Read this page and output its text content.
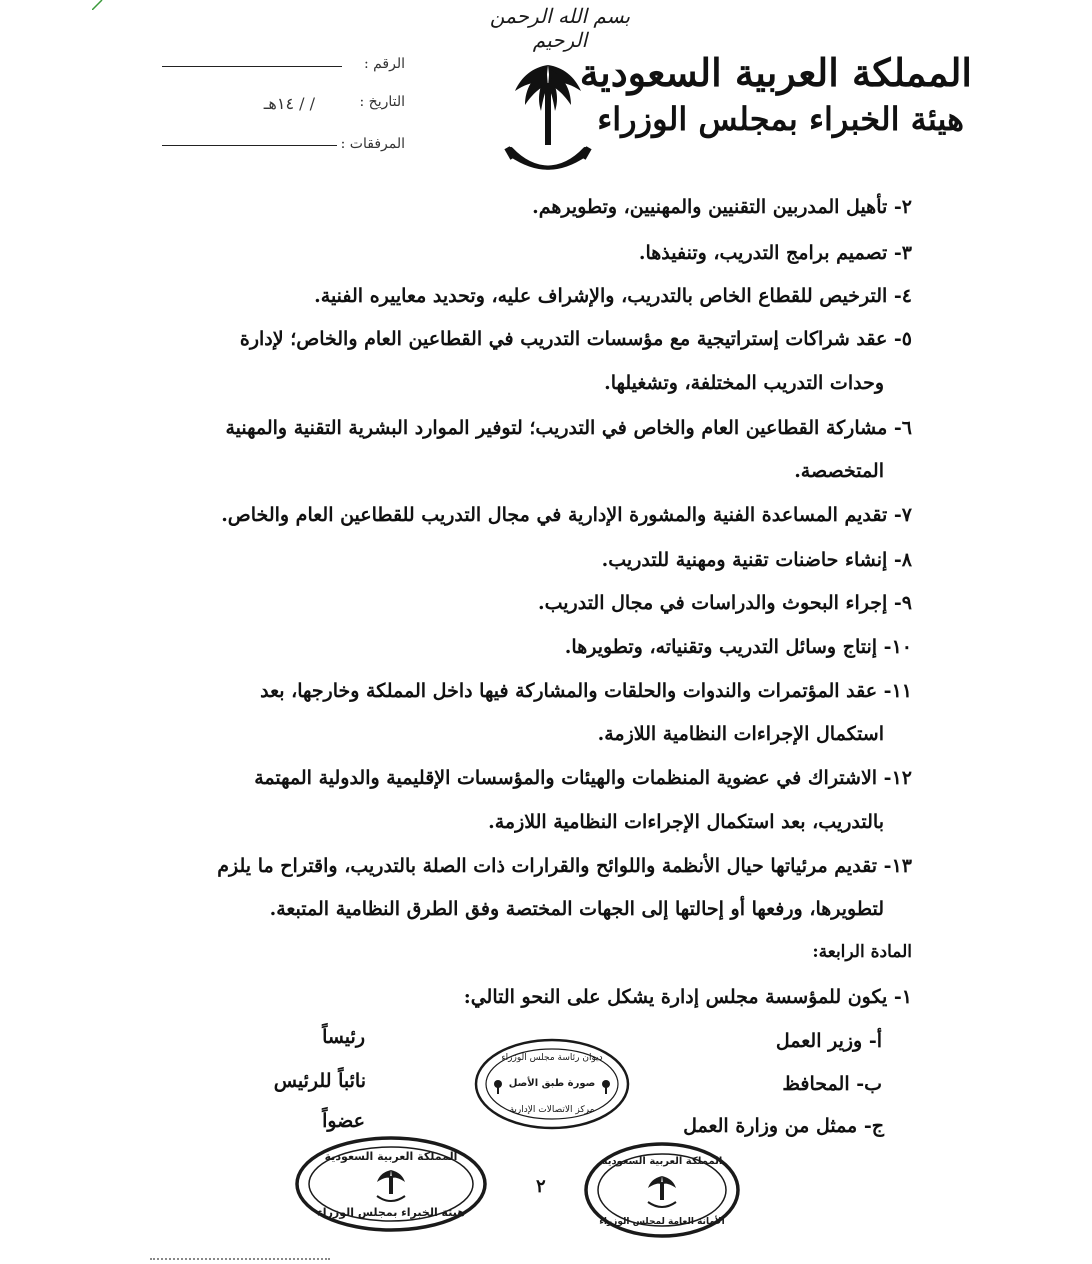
بسم الله الرحمن الرحيم
المملكة العربية السعودية
هيئة الخبراء بمجلس الوزراء
الرقم :
التاريخ :
/ / ١٤هـ
المرفقات :
٢- تأهيل المدربين التقنيين والمهنيين، وتطويرهم.
٣- تصميم برامج التدريب، وتنفيذها.
٤- الترخيص للقطاع الخاص بالتدريب، والإشراف عليه، وتحديد معاييره الفنية.
٥- عقد شراكات إستراتيجية مع مؤسسات التدريب في القطاعين العام والخاص؛ لإدارة
وحدات التدريب المختلفة، وتشغيلها.
٦- مشاركة القطاعين العام والخاص في التدريب؛ لتوفير الموارد البشرية التقنية والمهنية
المتخصصة.
٧- تقديم المساعدة الفنية والمشورة الإدارية في مجال التدريب للقطاعين العام والخاص.
٨- إنشاء حاضنات تقنية ومهنية للتدريب.
٩- إجراء البحوث والدراسات في مجال التدريب.
١٠- إنتاج وسائل التدريب وتقنياته، وتطويرها.
١١- عقد المؤتمرات والندوات والحلقات والمشاركة فيها داخل المملكة وخارجها، بعد
استكمال الإجراءات النظامية اللازمة.
١٢- الاشتراك في عضوية المنظمات والهيئات والمؤسسات الإقليمية والدولية المهتمة
بالتدريب، بعد استكمال الإجراءات النظامية اللازمة.
١٣- تقديم مرئياتها حيال الأنظمة واللوائح والقرارات ذات الصلة بالتدريب، واقتراح ما يلزم
لتطويرها، ورفعها أو إحالتها إلى الجهات المختصة وفق الطرق النظامية المتبعة.
المادة الرابعة:
١- يكون للمؤسسة مجلس إدارة يشكل على النحو التالي:
أ- وزير العمل
ب- المحافظ
ج- ممثل من وزارة العمل
رئيساً
نائباً للرئيس
عضواً
ديوان رئاسة مجلس الوزراء
صورة طبق الأصل
مركز الاتصالات الإدارية
المملكة العربية السعودية
هيئة الخبراء بمجلس الوزراء
المملكة العربية السعودية
الأمانة العامة لمجلس الوزراء
٢
